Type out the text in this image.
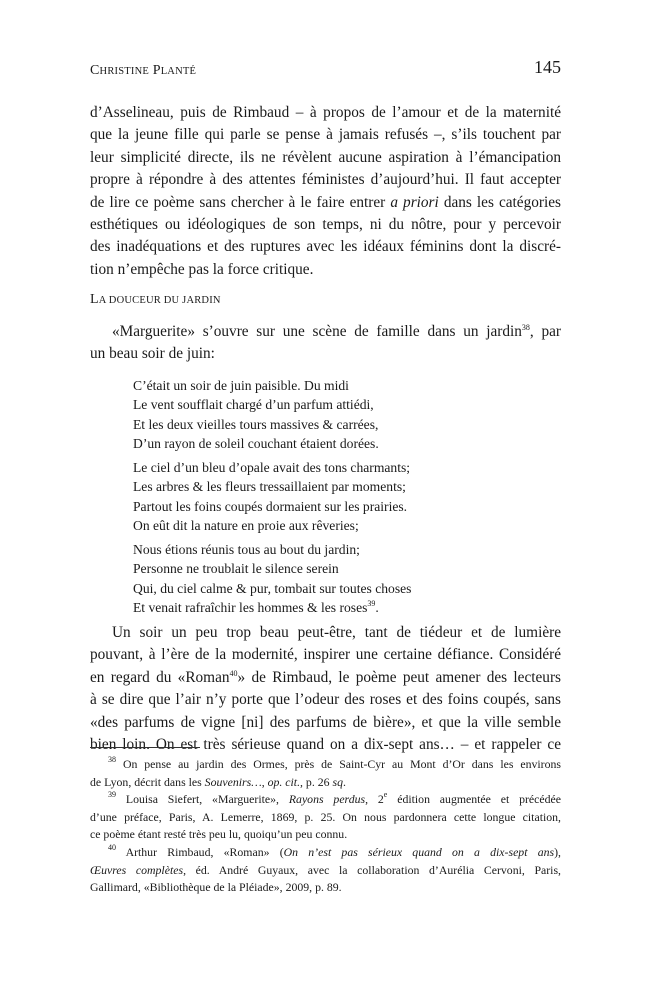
CHRISTINE PLANTÉ	145
d’Asselineau, puis de Rimbaud – à propos de l’amour et de la maternité
que la jeune fille qui parle se pense à jamais refusés –, s’ils touchent par
leur simplicité directe, ils ne révèlent aucune aspiration à l’émancipation
propre à répondre à des attentes féministes d’aujourd’hui. Il faut accepter
de lire ce poème sans chercher à le faire entrer a priori dans les catégories
esthétiques ou idéologiques de son temps, ni du nôtre, pour y percevoir
des inadéquations et des ruptures avec les idéaux féminins dont la discré-
tion n’empêche pas la force critique.
LA DOUCEUR DU JARDIN
«Marguerite» s’ouvre sur une scène de famille dans un jardin$^{38}$, par
un beau soir de juin:
C’était un soir de juin paisible. Du midi
Le vent soufflait chargé d’un parfum attiédi,
Et les deux vieilles tours massives & carrées,
D’un rayon de soleil couchant étaient dorées.
Le ciel d’un bleu d’opale avait des tons charmants;
Les arbres & les fleurs tressaillaient par moments;
Partout les foins coupés dormaient sur les prairies.
On eût dit la nature en proie aux rêveries;
Nous étions réunis tous au bout du jardin;
Personne ne troublait le silence serein
Qui, du ciel calme & pur, tombait sur toutes choses
Et venait rafraîchir les hommes & les roses$^{39}$.
Un soir un peu trop beau peut-être, tant de tiédeur et de lumière
pouvant, à l’ère de la modernité, inspirer une certaine défiance. Considéré
en regard du «Roman$^{40}$» de Rimbaud, le poème peut amener des lecteurs
à se dire que l’air n’y porte que l’odeur des roses et des foins coupés, sans
«des parfums de vigne [ni] des parfums de bière», et que la ville semble
bien loin. On est très sérieuse quand on a dix-sept ans… – et rappeler ce
$^{38}$ On pense au jardin des Ormes, près de Saint-Cyr au Mont d’Or dans les environs
de Lyon, décrit dans les Souvenirs…, op. cit., p. 26 sq.
$^{39}$ Louisa Siefert, «Marguerite», Rayons perdus, 2e édition augmentée et précédée
d’une préface, Paris, A. Lemerre, 1869, p. 25. On nous pardonnera cette longue citation,
ce poème étant resté très peu lu, quoiqu’un peu connu.
$^{40}$ Arthur Rimbaud, «Roman» (On n’est pas sérieux quand on a dix-sept ans),
Œuvres complètes, éd. André Guyaux, avec la collaboration d’Aurélia Cervoni, Paris,
Gallimard, «Bibliothèque de la Pléiade», 2009, p. 89.
